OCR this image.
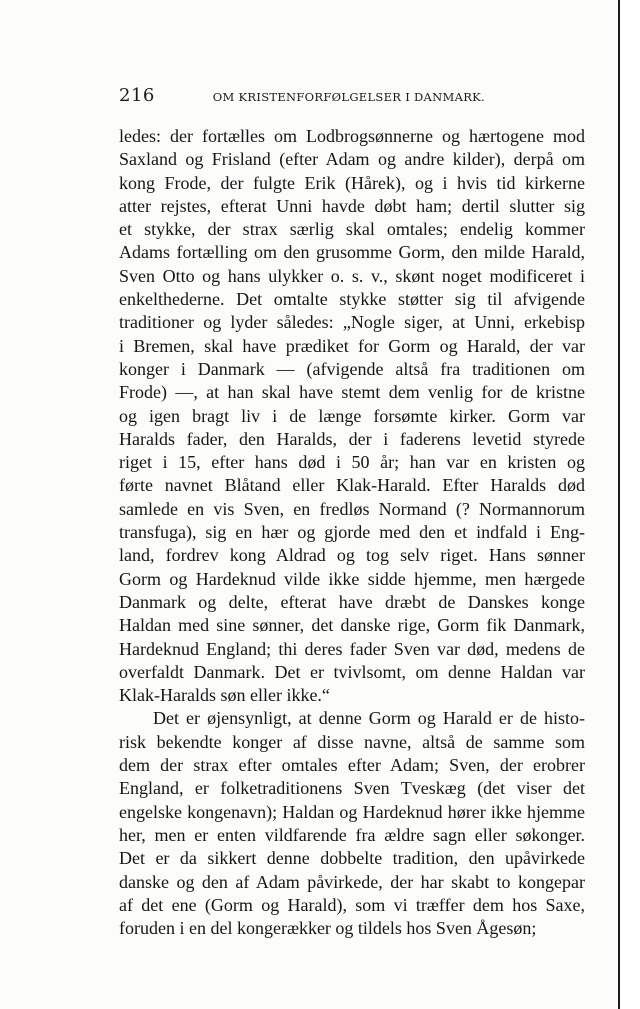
216	OM KRISTENFORFØLGELSER I DANMARK.
ledes: der fortælles om Lodbrogsønnerne og hærtogene mod
Saxland og Frisland (efter Adam og andre kilder), derpå om
kong Frode, der fulgte Erik (Hårek), og i hvis tid kirkerne
atter rejstes, efterat Unni havde døbt ham; dertil slutter sig
et stykke, der strax særlig skal omtales; endelig kommer
Adams fortælling om den grusomme Gorm, den milde Harald,
Sven Otto og hans ulykker o. s. v., skønt noget modificeret i
enkelthederne. Det omtalte stykke støtter sig til afvigende
traditioner og lyder således: „Nogle siger, at Unni, erkebisp
i Bremen, skal have prædiket for Gorm og Harald, der var
konger i Danmark — (afvigende altså fra traditionen om
Frode) —, at han skal have stemt dem venlig for de kristne
og igen bragt liv i de længe forsømte kirker. Gorm var
Haralds fader, den Haralds, der i faderens levetid styrede
riget i 15, efter hans død i 50 år; han var en kristen og
førte navnet Blåtand eller Klak-Harald. Efter Haralds død
samlede en vis Sven, en fredløs Normand (? Normannorum
transfuga), sig en hær og gjorde med den et indfald i Eng-
land, fordrev kong Aldrad og tog selv riget. Hans sønner
Gorm og Hardeknud vilde ikke sidde hjemme, men hærgede
Danmark og delte, efterat have dræbt de Danskes konge
Haldan med sine sønner, det danske rige, Gorm fik Danmark,
Hardeknud England; thi deres fader Sven var død, medens de
overfaldt Danmark. Det er tvivlsomt, om denne Haldan var
Klak-Haralds søn eller ikke.“
Det er øjensynligt, at denne Gorm og Harald er de histo-
risk bekendte konger af disse navne, altså de samme som
dem der strax efter omtales efter Adam; Sven, der erobrer
England, er folketraditionens Sven Tveskæg (det viser det
engelske kongenavn); Haldan og Hardeknud hører ikke hjemme
her, men er enten vildfarende fra ældre sagn eller søkonger.
Det er da sikkert denne dobbelte tradition, den upåvirkede
danske og den af Adam påvirkede, der har skabt to kongepar
af det ene (Gorm og Harald), som vi træffer dem hos Saxe,
foruden i en del kongerækker og tildels hos Sven Ågesøn;
